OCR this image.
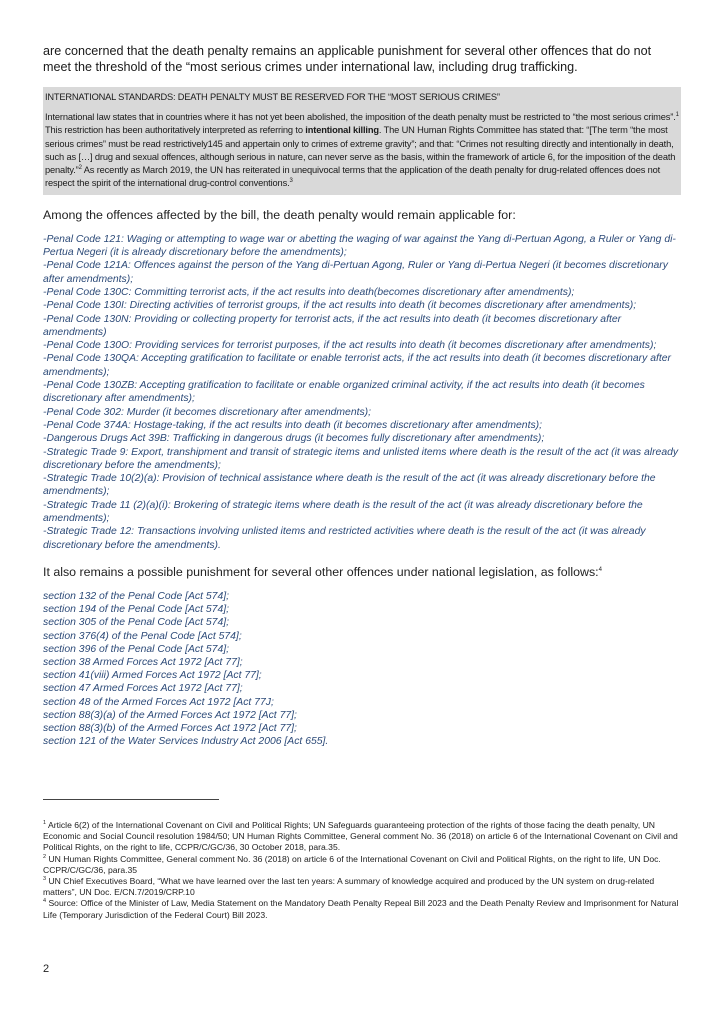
are concerned that the death penalty remains an applicable punishment for several other offences that do not meet the threshold of the “most serious crimes under international law, including drug trafficking.

INTERNATIONAL STANDARDS: DEATH PENALTY MUST BE RESERVED FOR THE “MOST SERIOUS CRIMES”

International law states that in countries where it has not yet been abolished, the imposition of the death penalty must be restricted to “the most serious crimes”.$^1$ This restriction has been authoritatively interpreted as referring to intentional killing. The UN Human Rights Committee has stated that: “[The term “the most serious crimes” must be read restrictively145 and appertain only to crimes of extreme gravity”; and that: “Crimes not resulting directly and intentionally in death, such as […] drug and sexual offences, although serious in nature, can never serve as the basis, within the framework of article 6, for the imposition of the death penalty.”$^2$ As recently as March 2019, the UN has reiterated in unequivocal terms that the application of the death penalty for drug-related offences does not respect the spirit of the international drug-control conventions.$^3$

Among the offences affected by the bill, the death penalty would remain applicable for:

-Penal Code 121: Waging or attempting to wage war or abetting the waging of war against the Yang di-Pertuan Agong, a Ruler or Yang di-Pertua Negeri (it is already discretionary before the amendments);
-Penal Code 121A: Offences against the person of the Yang di-Pertuan Agong, Ruler or Yang di-Pertua Negeri (it becomes discretionary after amendments);
-Penal Code 130C: Committing terrorist acts, if the act results into death(becomes discretionary after amendments);
-Penal Code 130I: Directing activities of terrorist groups, if the act results into death (it becomes discretionary after amendments);
-Penal Code 130N: Providing or collecting property for terrorist acts, if the act results into death (it becomes discretionary after amendments)
-Penal Code 130O: Providing services for terrorist purposes, if the act results into death (it becomes discretionary after amendments);
-Penal Code 130QA: Accepting gratification to facilitate or enable terrorist acts, if the act results into death (it becomes discretionary after amendments);
-Penal Code 130ZB: Accepting gratification to facilitate or enable organized criminal activity, if the act results into death (it becomes discretionary after amendments);
-Penal Code 302: Murder (it becomes discretionary after amendments);
-Penal Code 374A: Hostage-taking, if the act results into death (it becomes discretionary after amendments);
-Dangerous Drugs Act 39B: Trafficking in dangerous drugs (it becomes fully discretionary after amendments);
-Strategic Trade 9: Export, transhipment and transit of strategic items and unlisted items where death is the result of the act (it was already discretionary before the amendments);
-Strategic Trade 10(2)(a): Provision of technical assistance where death is the result of the act (it was already discretionary before the amendments);
-Strategic Trade 11 (2)(a)(i): Brokering of strategic items where death is the result of the act (it was already discretionary before the amendments);
-Strategic Trade 12: Transactions involving unlisted items and restricted activities where death is the result of the act (it was already discretionary before the amendments).

It also remains a possible punishment for several other offences under national legislation, as follows:$^4$

section 132 of the Penal Code [Act 574];
section 194 of the Penal Code [Act 574];
section 305 of the Penal Code [Act 574];
section 376(4) of the Penal Code [Act 574];
section 396 of the Penal Code [Act 574];
section 38 Armed Forces Act 1972 [Act 77];
section 41(viii) Armed Forces Act 1972 [Act 77];
section 47 Armed Forces Act 1972 [Act 77];
section 48 of the Armed Forces Act 1972 [Act 77J;
section 88(3)(a) of the Armed Forces Act 1972 [Act 77];
section 88(3)(b) of the Armed Forces Act 1972 [Act 77];
section 121 of the Water Services Industry Act 2006 [Act 655].

$^1$ Article 6(2) of the International Covenant on Civil and Political Rights; UN Safeguards guaranteeing protection of the rights of those facing the death penalty, UN Economic and Social Council resolution 1984/50; UN Human Rights Committee, General comment No. 36 (2018) on article 6 of the International Covenant on Civil and Political Rights, on the right to life, CCPR/C/GC/36, 30 October 2018, para.35.

$^2$ UN Human Rights Committee, General comment No. 36 (2018) on article 6 of the International Covenant on Civil and Political Rights, on the right to life, UN Doc. CCPR/C/GC/36, para.35

$^3$ UN Chief Executives Board, “What we have learned over the last ten years: A summary of knowledge acquired and produced by the UN system on drug-related matters”, UN Doc. E/CN.7/2019/CRP.10

$^4$ Source: Office of the Minister of Law, Media Statement on the Mandatory Death Penalty Repeal Bill 2023 and the Death Penalty Review and Imprisonment for Natural Life (Temporary Jurisdiction of the Federal Court) Bill 2023.

2
